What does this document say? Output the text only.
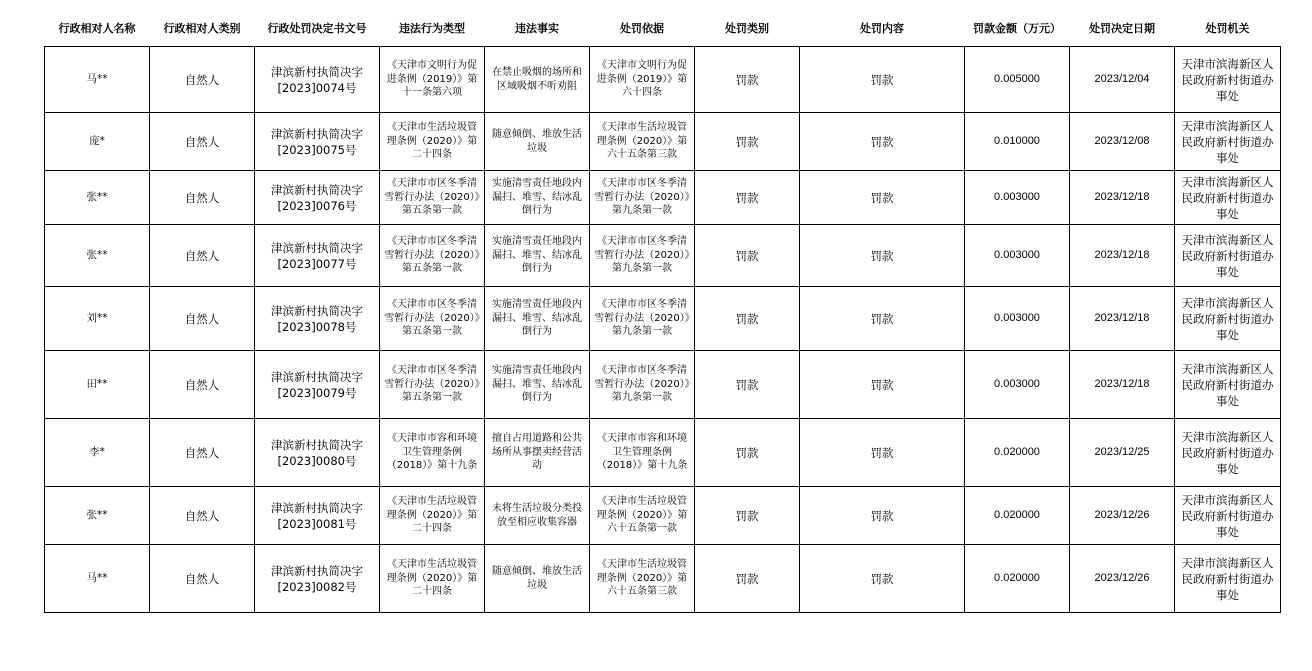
行政相对人名称	行政相对人类别	行政处罚决定书文号	违法行为类型	违法事实	处罚依据	处罚类别	处罚内容	罚款金额（万元）	处罚决定日期	处罚机关
马**	自然人	津滨新村执简决字[2023]0074号	《天津市文明行为促进条例（2019）》第十一条第六项	在禁止吸烟的场所和区域吸烟不听劝阻	《天津市文明行为促进条例（2019）》第六十四条	罚款	罚款	0.005000	2023/12/04	天津市滨海新区人民政府新村街道办事处
庞*	自然人	津滨新村执简决字[2023]0075号	《天津市生活垃圾管理条例（2020）》第二十四条	随意倾倒、堆放生活垃圾	《天津市生活垃圾管理条例（2020）》第六十五条第三款	罚款	罚款	0.010000	2023/12/08	天津市滨海新区人民政府新村街道办事处
张**	自然人	津滨新村执简决字[2023]0076号	《天津市市区冬季清雪暂行办法（2020）》第五条第一款	实施清雪责任地段内漏扫、堆雪、结冰乱倒行为	《天津市市区冬季清雪暂行办法（2020）》第九条第一款	罚款	罚款	0.003000	2023/12/18	天津市滨海新区人民政府新村街道办事处
张**	自然人	津滨新村执简决字[2023]0077号	《天津市市区冬季清雪暂行办法（2020）》第五条第一款	实施清雪责任地段内漏扫、堆雪、结冰乱倒行为	《天津市市区冬季清雪暂行办法（2020）》第九条第一款	罚款	罚款	0.003000	2023/12/18	天津市滨海新区人民政府新村街道办事处
刘**	自然人	津滨新村执简决字[2023]0078号	《天津市市区冬季清雪暂行办法（2020）》第五条第一款	实施清雪责任地段内漏扫、堆雪、结冰乱倒行为	《天津市市区冬季清雪暂行办法（2020）》第九条第一款	罚款	罚款	0.003000	2023/12/18	天津市滨海新区人民政府新村街道办事处
田**	自然人	津滨新村执简决字[2023]0079号	《天津市市区冬季清雪暂行办法（2020）》第五条第一款	实施清雪责任地段内漏扫、堆雪、结冰乱倒行为	《天津市市区冬季清雪暂行办法（2020）》第九条第一款	罚款	罚款	0.003000	2023/12/18	天津市滨海新区人民政府新村街道办事处
李*	自然人	津滨新村执简决字[2023]0080号	《天津市市容和环境卫生管理条例（2018）》第十九条	擅自占用道路和公共场所从事摆卖经营活动	《天津市市容和环境卫生管理条例（2018）》第十九条	罚款	罚款	0.020000	2023/12/25	天津市滨海新区人民政府新村街道办事处
张**	自然人	津滨新村执简决字[2023]0081号	《天津市生活垃圾管理条例（2020）》第二十四条	未将生活垃圾分类投放至相应收集容器	《天津市生活垃圾管理条例（2020）》第六十五条第一款	罚款	罚款	0.020000	2023/12/26	天津市滨海新区人民政府新村街道办事处
马**	自然人	津滨新村执简决字[2023]0082号	《天津市生活垃圾管理条例（2020）》第二十四条	随意倾倒、堆放生活垃圾	《天津市生活垃圾管理条例（2020）》第六十五条第三款	罚款	罚款	0.020000	2023/12/26	天津市滨海新区人民政府新村街道办事处
